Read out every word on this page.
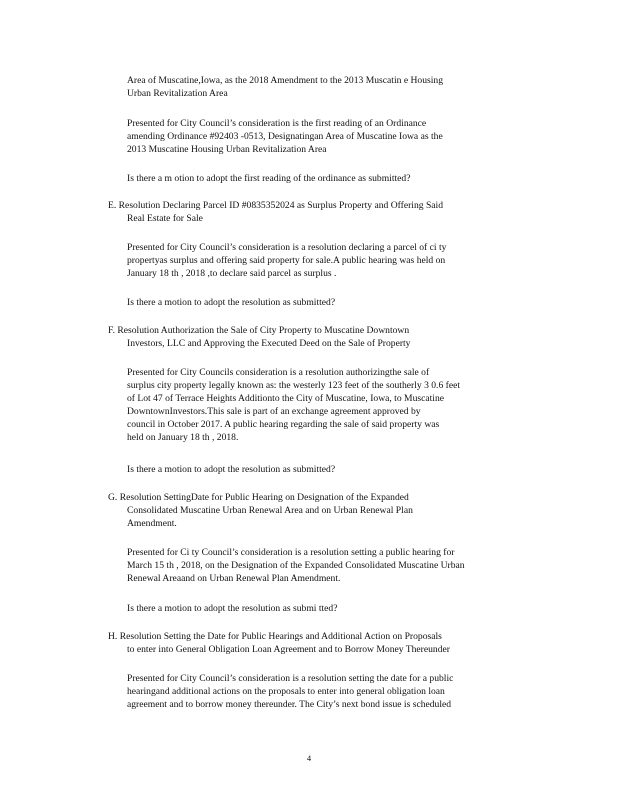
Area of Muscatine,Iowa, as the 2018 Amendment to the 2013 Muscatin e Housing
Urban Revitalization Area

Presented for City Council’s consideration is the first reading of an Ordinance
amending Ordinance #92403 -0513, Designatingan Area of Muscatine Iowa as the
2013 Muscatine Housing Urban Revitalization Area

Is there a m otion to adopt the first reading of the ordinance as submitted?

E. Resolution Declaring Parcel ID #0835352024 as Surplus Property and Offering Said
Real Estate for Sale

Presented for City Council’s consideration is a resolution declaring a parcel of ci ty
propertyas surplus and offering said property for sale.A public hearing was held on
January 18 th , 2018 ,to declare said parcel as surplus .

Is there a motion to adopt the resolution as submitted?

F. Resolution Authorization the Sale of City Property to Muscatine Downtown
Investors, LLC and Approving the Executed Deed on the Sale of Property

Presented for City Councils consideration is a resolution authorizingthe sale of
surplus city property legally known as: the westerly 123 feet of the southerly 3 0.6 feet
of Lot 47 of Terrace Heights Additionto the City of Muscatine, Iowa, to Muscatine
DowntownInvestors.This sale is part of an exchange agreement approved by
council in October 2017. A public hearing regarding the sale of said property was
held on January 18 th , 2018.

Is there a motion to adopt the resolution as submitted?

G. Resolution SettingDate for Public Hearing on Designation of the Expanded
Consolidated Muscatine Urban Renewal Area and on Urban Renewal Plan
Amendment.

Presented for Ci ty Council’s consideration is a resolution setting a public hearing for
March 15 th , 2018, on the Designation of the Expanded Consolidated Muscatine Urban
Renewal Areaand on Urban Renewal Plan Amendment.

Is there a motion to adopt the resolution as submi tted?

H. Resolution Setting the Date for Public Hearings and Additional Action on Proposals
to enter into General Obligation Loan Agreement and to Borrow Money Thereunder

Presented for City Council’s consideration is a resolution setting the date for a public
hearingand additional actions on the proposals to enter into general obligation loan
agreement and to borrow money thereunder. The City’s next bond issue is scheduled

4
